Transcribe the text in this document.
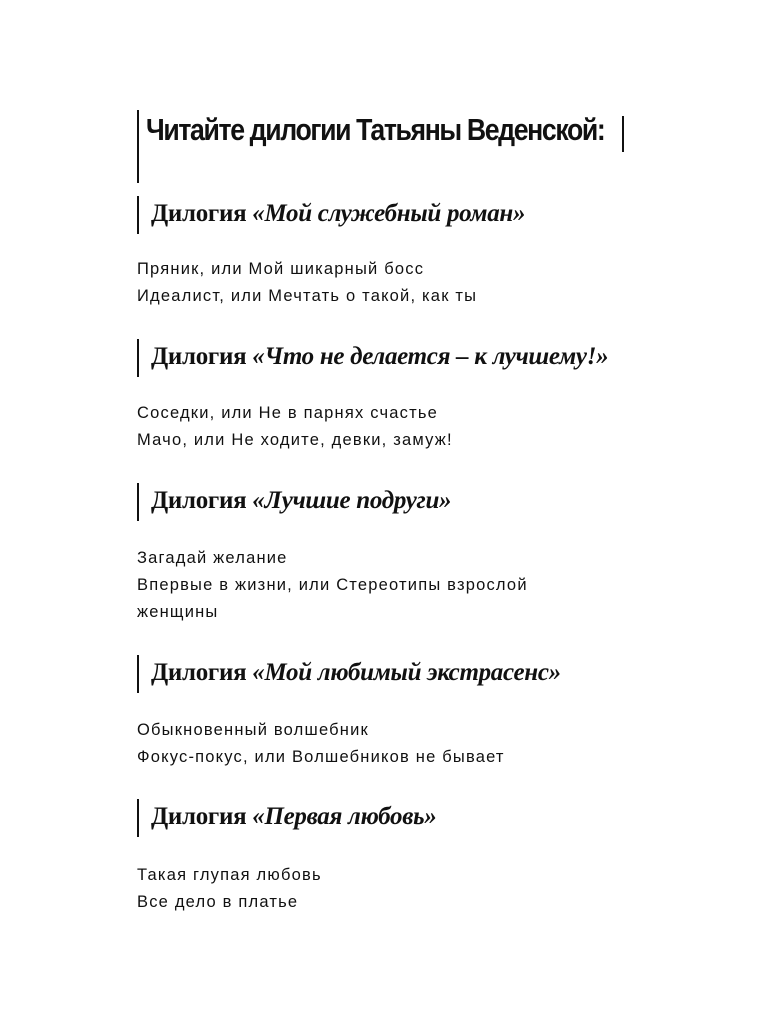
Читайте дилогии Татьяны Веденской:
Дилогия «Мой служебный роман»
Пряник, или Мой шикарный босс
Идеалист, или Мечтать о такой, как ты
Дилогия «Что не делается – к лучшему!»
Соседки, или Не в парнях счастье
Мачо, или Не ходите, девки, замуж!
Дилогия «Лучшие подруги»
Загадай желание
Впервые в жизни, или Стереотипы взрослой женщины
Дилогия «Мой любимый экстрасенс»
Обыкновенный волшебник
Фокус-покус, или Волшебников не бывает
Дилогия «Первая любовь»
Такая глупая любовь
Все дело в платье
